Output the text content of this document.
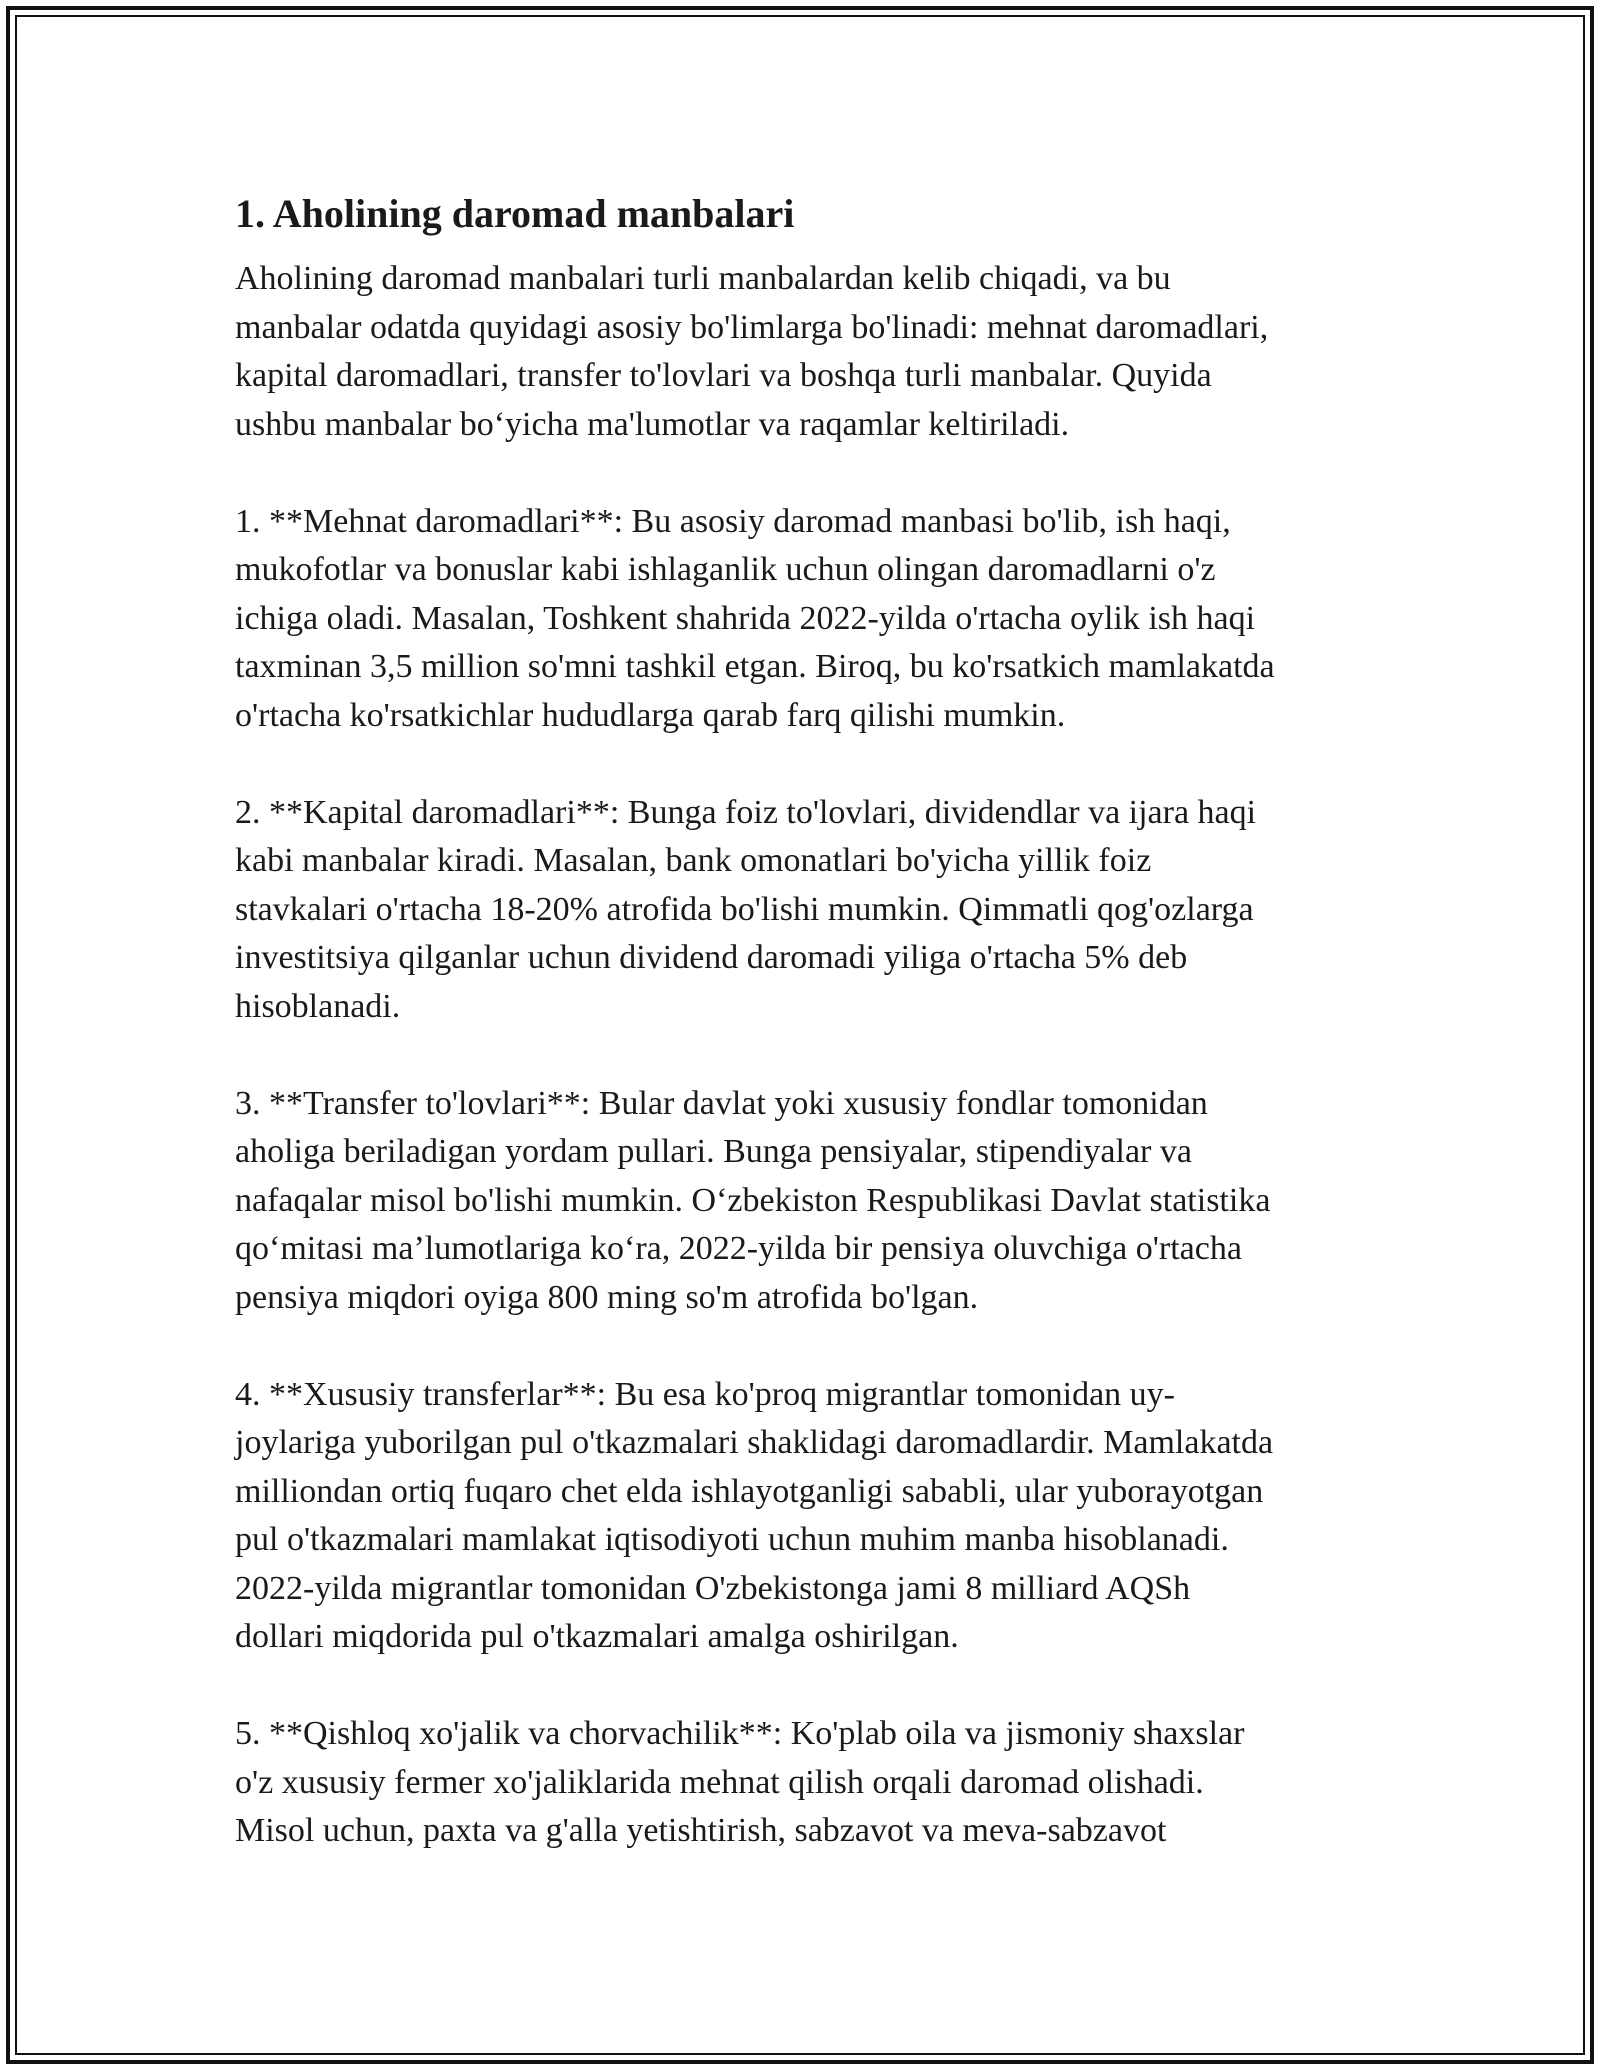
1. Aholining daromad manbalari

Aholining daromad manbalari turli manbalardan kelib chiqadi, va bu
manbalar odatda quyidagi asosiy bo'limlarga bo'linadi: mehnat daromadlari,
kapital daromadlari, transfer to'lovlari va boshqa turli manbalar. Quyida
ushbu manbalar bo‘yicha ma'lumotlar va raqamlar keltiriladi.

1. **Mehnat daromadlari**: Bu asosiy daromad manbasi bo'lib, ish haqi,
mukofotlar va bonuslar kabi ishlaganlik uchun olingan daromadlarni o'z
ichiga oladi. Masalan, Toshkent shahrida 2022-yilda o'rtacha oylik ish haqi
taxminan 3,5 million so'mni tashkil etgan. Biroq, bu ko'rsatkich mamlakatda
o'rtacha ko'rsatkichlar hududlarga qarab farq qilishi mumkin.

2. **Kapital daromadlari**: Bunga foiz to'lovlari, dividendlar va ijara haqi
kabi manbalar kiradi. Masalan, bank omonatlari bo'yicha yillik foiz
stavkalari o'rtacha 18-20% atrofida bo'lishi mumkin. Qimmatli qog'ozlarga
investitsiya qilganlar uchun dividend daromadi yiliga o'rtacha 5% deb
hisoblanadi.

3. **Transfer to'lovlari**: Bular davlat yoki xususiy fondlar tomonidan
aholiga beriladigan yordam pullari. Bunga pensiyalar, stipendiyalar va
nafaqalar misol bo'lishi mumkin. O‘zbekiston Respublikasi Davlat statistika
qo‘mitasi ma’lumotlariga ko‘ra, 2022-yilda bir pensiya oluvchiga o'rtacha
pensiya miqdori oyiga 800 ming so'm atrofida bo'lgan.

4. **Xususiy transferlar**: Bu esa ko'proq migrantlar tomonidan uy-
joylariga yuborilgan pul o'tkazmalari shaklidagi daromadlardir. Mamlakatda
milliondan ortiq fuqaro chet elda ishlayotganligi sababli, ular yuborayotgan
pul o'tkazmalari mamlakat iqtisodiyoti uchun muhim manba hisoblanadi.
2022-yilda migrantlar tomonidan O'zbekistonga jami 8 milliard AQSh
dollari miqdorida pul o'tkazmalari amalga oshirilgan.

5. **Qishloq xo'jalik va chorvachilik**: Ko'plab oila va jismoniy shaxslar
o'z xususiy fermer xo'jaliklarida mehnat qilish orqali daromad olishadi.
Misol uchun, paxta va g'alla yetishtirish, sabzavot va meva-sabzavot
